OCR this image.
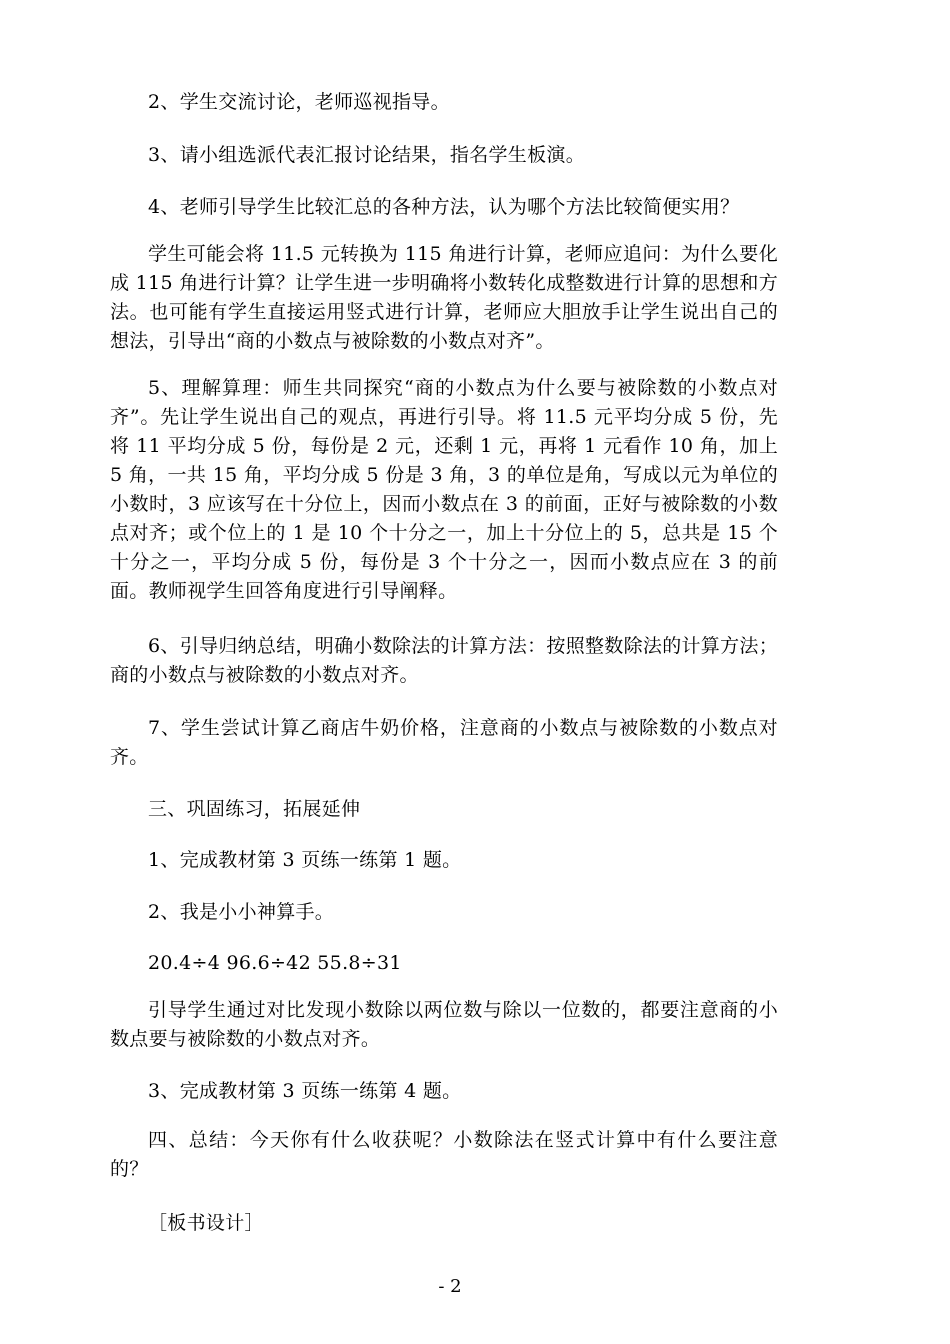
2、学生交流讨论，老师巡视指导。

3、请小组选派代表汇报讨论结果，指名学生板演。

4、老师引导学生比较汇总的各种方法，认为哪个方法比较简便实用？

学生可能会将 11.5 元转换为 115 角进行计算，老师应追问：为什么要化成 115 角进行计算？让学生进一步明确将小数转化成整数进行计算的思想和方法。也可能有学生直接运用竖式进行计算，老师应大胆放手让学生说出自己的想法，引导出“商的小数点与被除数的小数点对齐”。

5、理解算理：师生共同探究“商的小数点为什么要与被除数的小数点对齐”。先让学生说出自己的观点，再进行引导。将 11.5 元平均分成 5 份，先将 11 平均分成 5 份，每份是 2 元，还剩 1 元，再将 1 元看作 10 角，加上 5 角，一共 15 角，平均分成 5 份是 3 角，3 的单位是角，写成以元为单位的小数时，3 应该写在十分位上，因而小数点在 3 的前面，正好与被除数的小数点对齐；或个位上的 1 是 10 个十分之一，加上十分位上的 5，总共是 15 个十分之一，平均分成 5 份，每份是 3 个十分之一，因而小数点应在 3 的前面。教师视学生回答角度进行引导阐释。

6、引导归纳总结，明确小数除法的计算方法：按照整数除法的计算方法； 商的小数点与被除数的小数点对齐。

7、学生尝试计算乙商店牛奶价格，注意商的小数点与被除数的小数点对齐。

三、巩固练习，拓展延伸

1、完成教材第 3 页练一练第 1 题。

2、我是小小神算手。

20.4÷4 96.6÷42 55.8÷31

引导学生通过对比发现小数除以两位数与除以一位数的，都要注意商的小数点要与被除数的小数点对齐。

3、完成教材第 3 页练一练第 4 题。

四、总结：今天你有什么收获呢？小数除法在竖式计算中有什么要注意的？

［板书设计］

- 2
